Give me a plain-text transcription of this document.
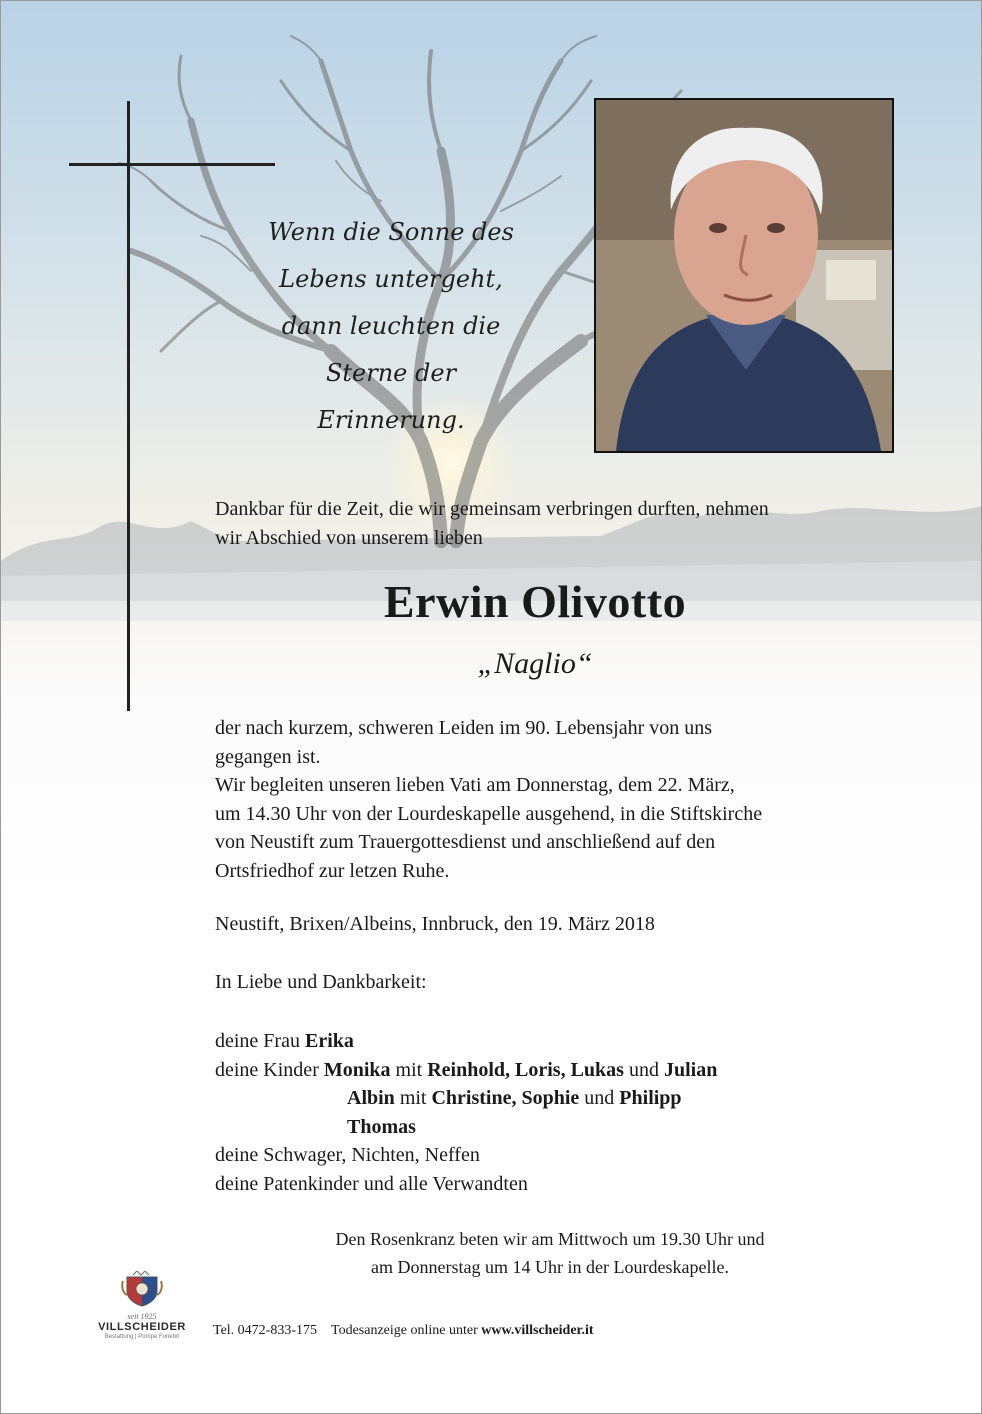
Wenn die Sonne des
Lebens untergeht,
dann leuchten die
Sterne der
Erinnerung.
Dankbar für die Zeit, die wir gemeinsam verbringen durften, nehmen
wir Abschied von unserem lieben
Erwin Olivotto
„Naglio“
der nach kurzem, schweren Leiden im 90. Lebensjahr von uns
gegangen ist.
Wir begleiten unseren lieben Vati am Donnerstag, dem 22. März,
um 14.30 Uhr von der Lourdeskapelle ausgehend, in die Stiftskirche
von Neustift zum Trauergottesdienst und anschließend auf den
Ortsfriedhof zur letzen Ruhe.
Neustift, Brixen/Albeins, Innbruck, den 19. März 2018
In Liebe und Dankbarkeit:
deine Frau Erika
deine Kinder Monika mit Reinhold, Loris, Lukas und Julian
Albin mit Christine, Sophie und Philipp
Thomas
deine Schwager, Nichten, Neffen
deine Patenkinder und alle Verwandten
Den Rosenkranz beten wir am Mittwoch um 19.30 Uhr und
am Donnerstag um 14 Uhr in der Lourdeskapelle.
seit 1925
VILLSCHEIDER
Bestattung | Pompe Funebri	Tel. 0472-833-175 Todesanzeige online unter www.villscheider.it
